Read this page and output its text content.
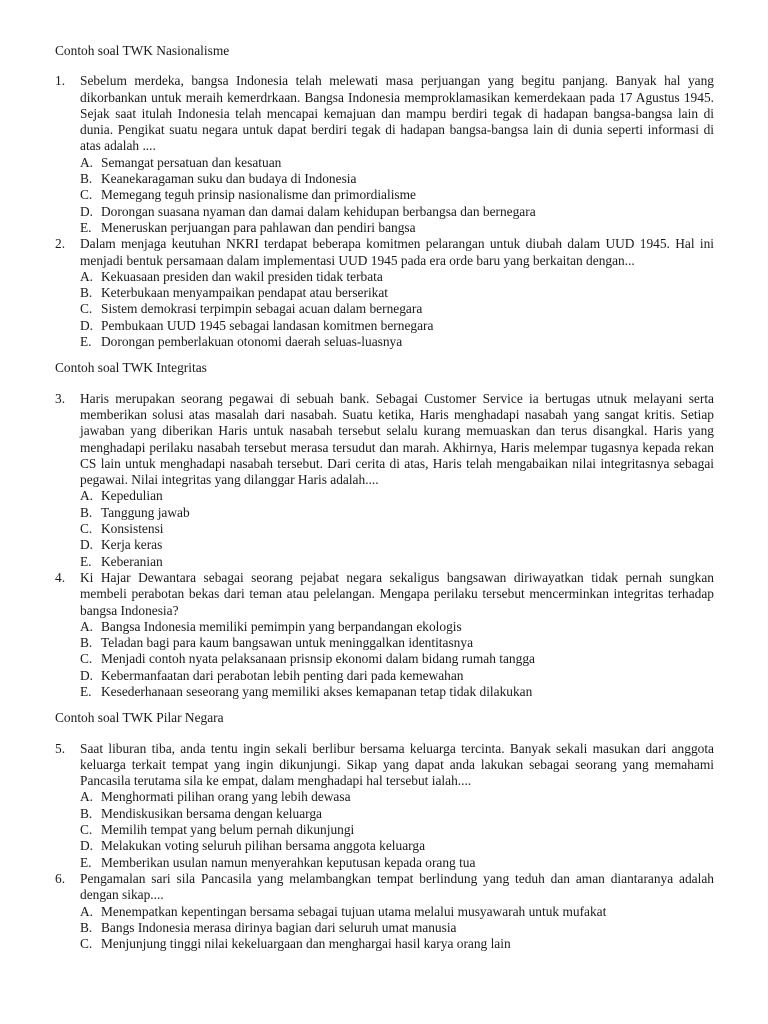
Contoh soal TWK Nasionalisme
1.	Sebelum merdeka, bangsa Indonesia telah melewati masa perjuangan yang begitu panjang. Banyak hal yang dikorbankan untuk meraih kemerdrkaan. Bangsa Indonesia memproklamasikan kemerdekaan pada 17 Agustus 1945. Sejak saat itulah Indonesia telah mencapai kemajuan dan mampu berdiri tegak di hadapan bangsa-bangsa lain di dunia. Pengikat suatu negara untuk dapat berdiri tegak di hadapan bangsa-bangsa lain di dunia seperti informasi di atas adalah ....
A. Semangat persatuan dan kesatuan
B. Keanekaragaman suku dan budaya di Indonesia
C. Memegang teguh prinsip nasionalisme dan primordialisme
D. Dorongan suasana nyaman dan damai dalam kehidupan berbangsa dan bernegara
E. Meneruskan perjuangan para pahlawan dan pendiri bangsa
2.	Dalam menjaga keutuhan NKRI terdapat beberapa komitmen pelarangan untuk diubah dalam UUD 1945. Hal ini menjadi bentuk persamaan dalam implementasi UUD 1945 pada era orde baru yang berkaitan dengan...
A. Kekuasaan presiden dan wakil presiden tidak terbata
B. Keterbukaan menyampaikan pendapat atau berserikat
C. Sistem demokrasi terpimpin sebagai acuan dalam bernegara
D. Pembukaan UUD 1945 sebagai landasan komitmen bernegara
E. Dorongan pemberlakuan otonomi daerah seluas-luasnya
Contoh soal TWK Integritas
3.	Haris merupakan seorang pegawai di sebuah bank. Sebagai Customer Service ia bertugas utnuk melayani serta memberikan solusi atas masalah dari nasabah. Suatu ketika, Haris menghadapi nasabah yang sangat kritis. Setiap jawaban yang diberikan Haris untuk nasabah tersebut selalu kurang memuaskan dan terus disangkal. Haris yang menghadapi perilaku nasabah tersebut merasa tersudut dan marah. Akhirnya, Haris melempar tugasnya kepada rekan CS lain untuk menghadapi nasabah tersebut. Dari cerita di atas, Haris telah mengabaikan nilai integritasnya sebagai pegawai. Nilai integritas yang dilanggar Haris adalah....
A. Kepedulian
B. Tanggung jawab
C. Konsistensi
D. Kerja keras
E. Keberanian
4.	Ki Hajar Dewantara sebagai seorang pejabat negara sekaligus bangsawan diriwayatkan tidak pernah sungkan membeli perabotan bekas dari teman atau pelelangan. Mengapa perilaku tersebut mencerminkan integritas terhadap bangsa Indonesia?
A. Bangsa Indonesia memiliki pemimpin yang berpandangan ekologis
B. Teladan bagi para kaum bangsawan untuk meninggalkan identitasnya
C. Menjadi contoh nyata pelaksanaan prisnsip ekonomi dalam bidang rumah tangga
D. Kebermanfaatan dari perabotan lebih penting dari pada kemewahan
E. Kesederhanaan seseorang yang memiliki akses kemapanan tetap tidak dilakukan
Contoh soal TWK Pilar Negara
5.	Saat liburan tiba, anda tentu ingin sekali berlibur bersama keluarga tercinta. Banyak sekali masukan dari anggota keluarga terkait tempat yang ingin dikunjungi. Sikap yang dapat anda lakukan sebagai seorang yang memahami Pancasila terutama sila ke empat, dalam menghadapi hal tersebut ialah....
A. Menghormati pilihan orang yang lebih dewasa
B. Mendiskusikan bersama dengan keluarga
C. Memilih tempat yang belum pernah dikunjungi
D. Melakukan voting seluruh pilihan bersama anggota keluarga
E. Memberikan usulan namun menyerahkan keputusan kepada orang tua
6.	Pengamalan sari sila Pancasila yang melambangkan tempat berlindung yang teduh dan aman diantaranya adalah dengan sikap....
A. Menempatkan kepentingan bersama sebagai tujuan utama melalui musyawarah untuk mufakat
B. Bangs Indonesia merasa dirinya bagian dari seluruh umat manusia
C. Menjunjung tinggi nilai kekeluargaan dan menghargai hasil karya orang lain
